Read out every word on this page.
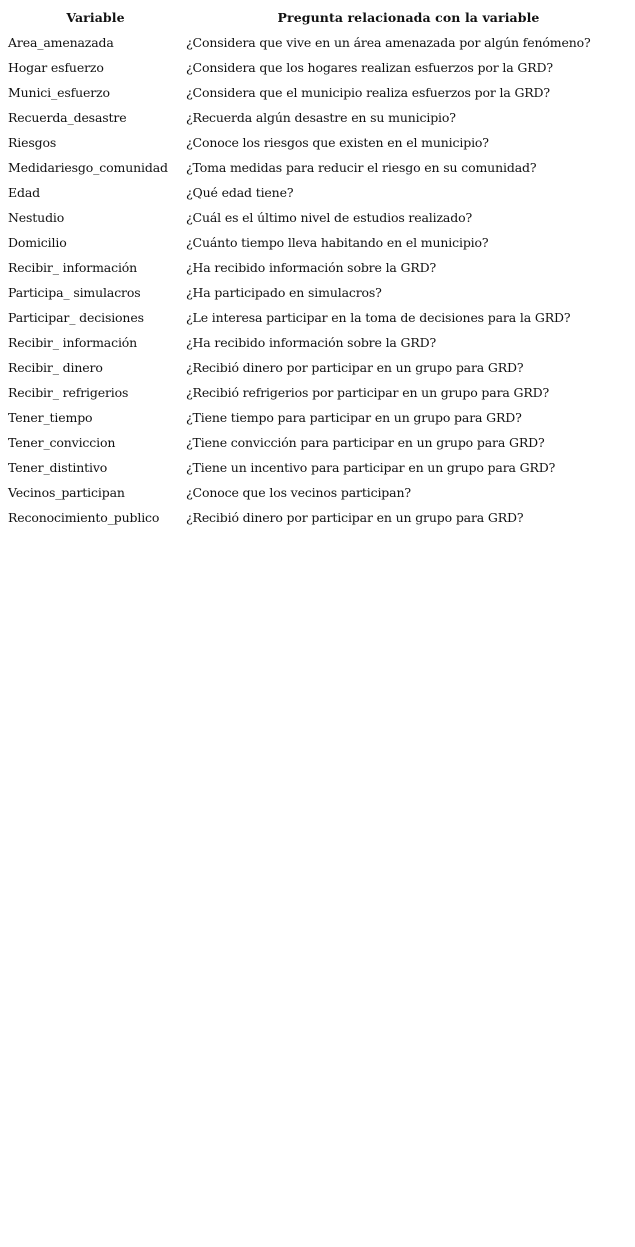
Variable	Pregunta relacionada con la variable
Area_amenazada	¿Considera que vive en un área amenazada por algún fenómeno?
Hogar esfuerzo	¿Considera que los hogares realizan esfuerzos por la GRD?
Munici_esfuerzo	¿Considera que el municipio realiza esfuerzos por la GRD?
Recuerda_desastre	¿Recuerda algún desastre en su municipio?
Riesgos	¿Conoce los riesgos que existen en el municipio?
Medidariesgo_comunidad	¿Toma medidas para reducir el riesgo en su comunidad?
Edad	¿Qué edad tiene?
Nestudio	¿Cuál es el último nivel de estudios realizado?
Domicilio	¿Cuánto tiempo lleva habitando en el municipio?
Recibir_ información	¿Ha recibido información sobre la GRD?
Participa_ simulacros	¿Ha participado en simulacros?
Participar_ decisiones	¿Le interesa participar en la toma de decisiones para la GRD?
Recibir_ información	¿Ha recibido información sobre la GRD?
Recibir_ dinero	¿Recibió dinero por participar en un grupo para GRD?
Recibir_ refrigerios	¿Recibió refrigerios por participar en un grupo para GRD?
Tener_tiempo	¿Tiene tiempo para participar en un grupo para GRD?
Tener_conviccion	¿Tiene convicción para participar en un grupo para GRD?
Tener_distintivo	¿Tiene un incentivo para participar en un grupo para GRD?
Vecinos_participan	¿Conoce que los vecinos participan?
Reconocimiento_publico	¿Recibió dinero por participar en un grupo para GRD?
